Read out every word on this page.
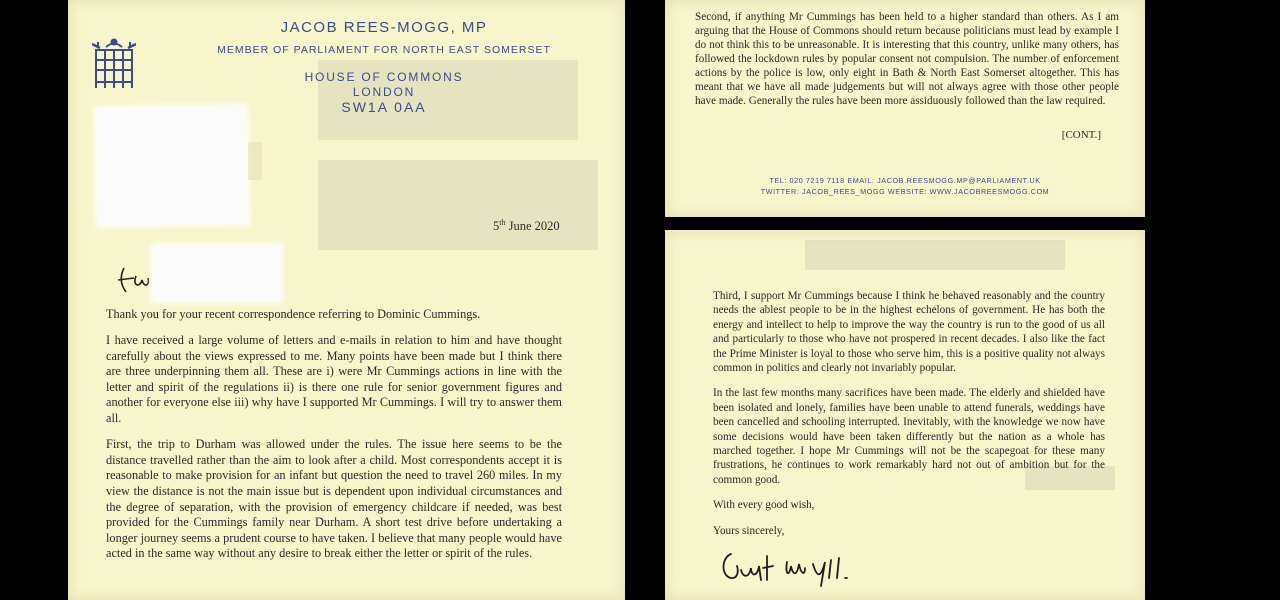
JACOB REES-MOGG, MP
MEMBER OF PARLIAMENT FOR NORTH EAST SOMERSET
HOUSE OF COMMONS
LONDON
SW1A 0AA
5th June 2020

Thank you for your recent correspondence referring to Dominic Cummings.

I have received a large volume of letters and e-mails in relation to him and have thought carefully about the views expressed to me. Many points have been made but I think there are three underpinning them all. These are i) were Mr Cummings actions in line with the letter and spirit of the regulations ii) is there one rule for senior government figures and another for everyone else iii) why have I supported Mr Cummings. I will try to answer them all.

First, the trip to Durham was allowed under the rules. The issue here seems to be the distance travelled rather than the aim to look after a child. Most correspondents accept it is reasonable to make provision for an infant but question the need to travel 260 miles. In my view the distance is not the main issue but is dependent upon individual circumstances and the degree of separation, with the provision of emergency childcare if needed, was best provided for the Cummings family near Durham. A short test drive before undertaking a longer journey seems a prudent course to have taken. I believe that many people would have acted in the same way without any desire to break either the letter or spirit of the rules.

Second, if anything Mr Cummings has been held to a higher standard than others. As I am arguing that the House of Commons should return because politicians must lead by example I do not think this to be unreasonable. It is interesting that this country, unlike many others, has followed the lockdown rules by popular consent not compulsion. The number of enforcement actions by the police is low, only eight in Bath & North East Somerset altogether. This has meant that we have all made judgements but will not always agree with those other people have made. Generally the rules have been more assiduously followed than the law required.

[CONT.]
TEL: 020 7219 7118 EMAIL: JACOB.REESMOGG.MP@PARLIAMENT.UK
TWITTER: JACOB_REES_MOGG WEBSITE: WWW.JACOBREESMOGG.COM

Third, I support Mr Cummings because I think he behaved reasonably and the country needs the ablest people to be in the highest echelons of government. He has both the energy and intellect to help to improve the way the country is run to the good of us all and particularly to those who have not prospered in recent decades. I also like the fact the Prime Minister is loyal to those who serve him, this is a positive quality not always common in politics and clearly not invariably popular.

In the last few months many sacrifices have been made. The elderly and shielded have been isolated and lonely, families have been unable to attend funerals, weddings have been cancelled and schooling interrupted. Inevitably, with the knowledge we now have some decisions would have been taken differently but the nation as a whole has marched together. I hope Mr Cummings will not be the scapegoat for these many frustrations, he continues to work remarkably hard not out of ambition but for the common good.

With every good wish,

Yours sincerely,
